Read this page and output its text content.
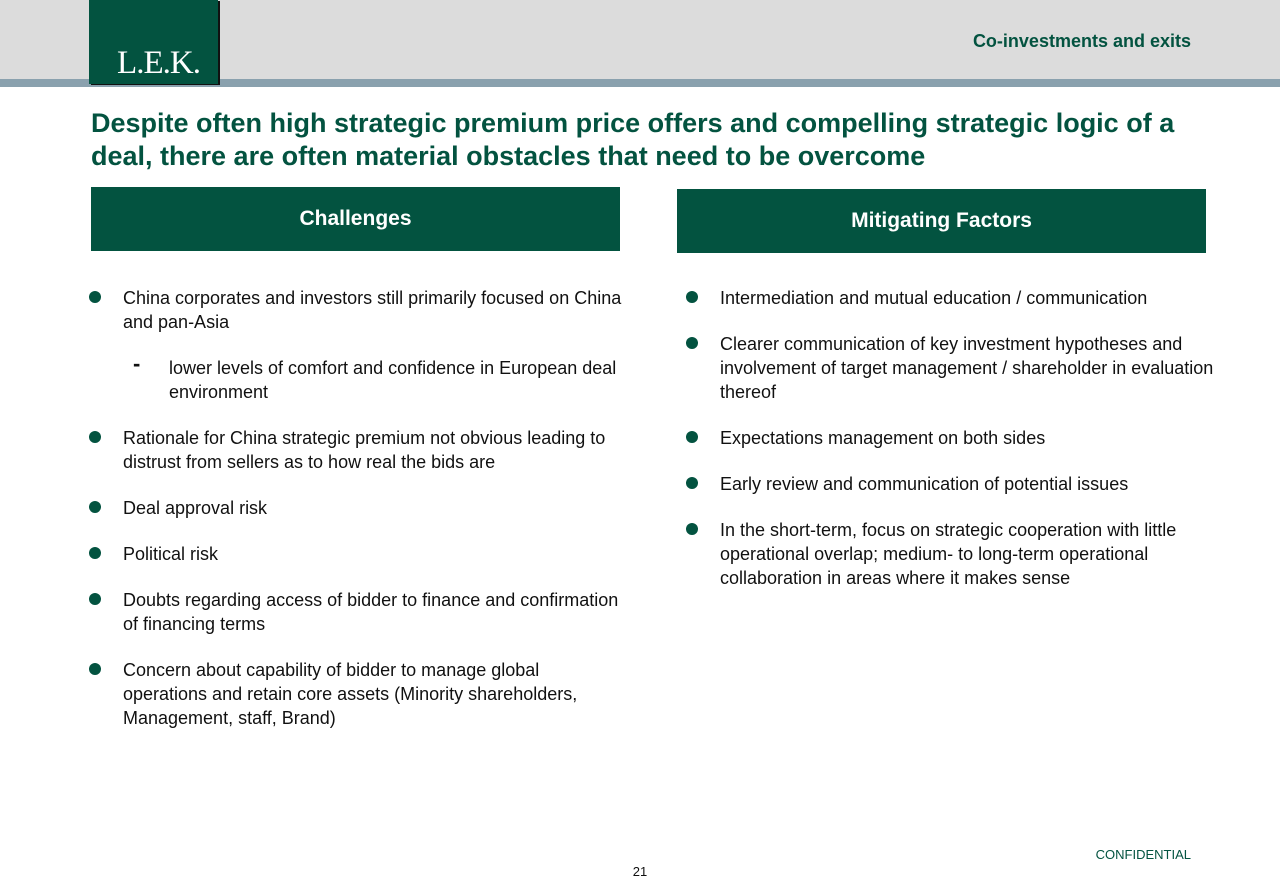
L.E.K.
Co-investments and exits
Despite often high strategic premium price offers and compelling strategic logic of a deal, there are often material obstacles that need to be overcome
Challenges	Mitigating Factors
China corporates and investors still primarily focused on China and pan-Asia
- lower levels of comfort and confidence in European deal environment
Rationale for China strategic premium not obvious leading to distrust from sellers as to how real the bids are
Deal approval risk
Political risk
Doubts regarding access of bidder to finance and confirmation of financing terms
Concern about capability of bidder to manage global operations and retain core assets (Minority shareholders, Management, staff, Brand)
Intermediation and mutual education / communication
Clearer communication of key investment hypotheses and involvement of target management / shareholder in evaluation thereof
Expectations management on both sides
Early review and communication of potential issues
In the short-term, focus on strategic cooperation with little operational overlap; medium- to long-term operational collaboration in areas where it makes sense
CONFIDENTIAL
21
